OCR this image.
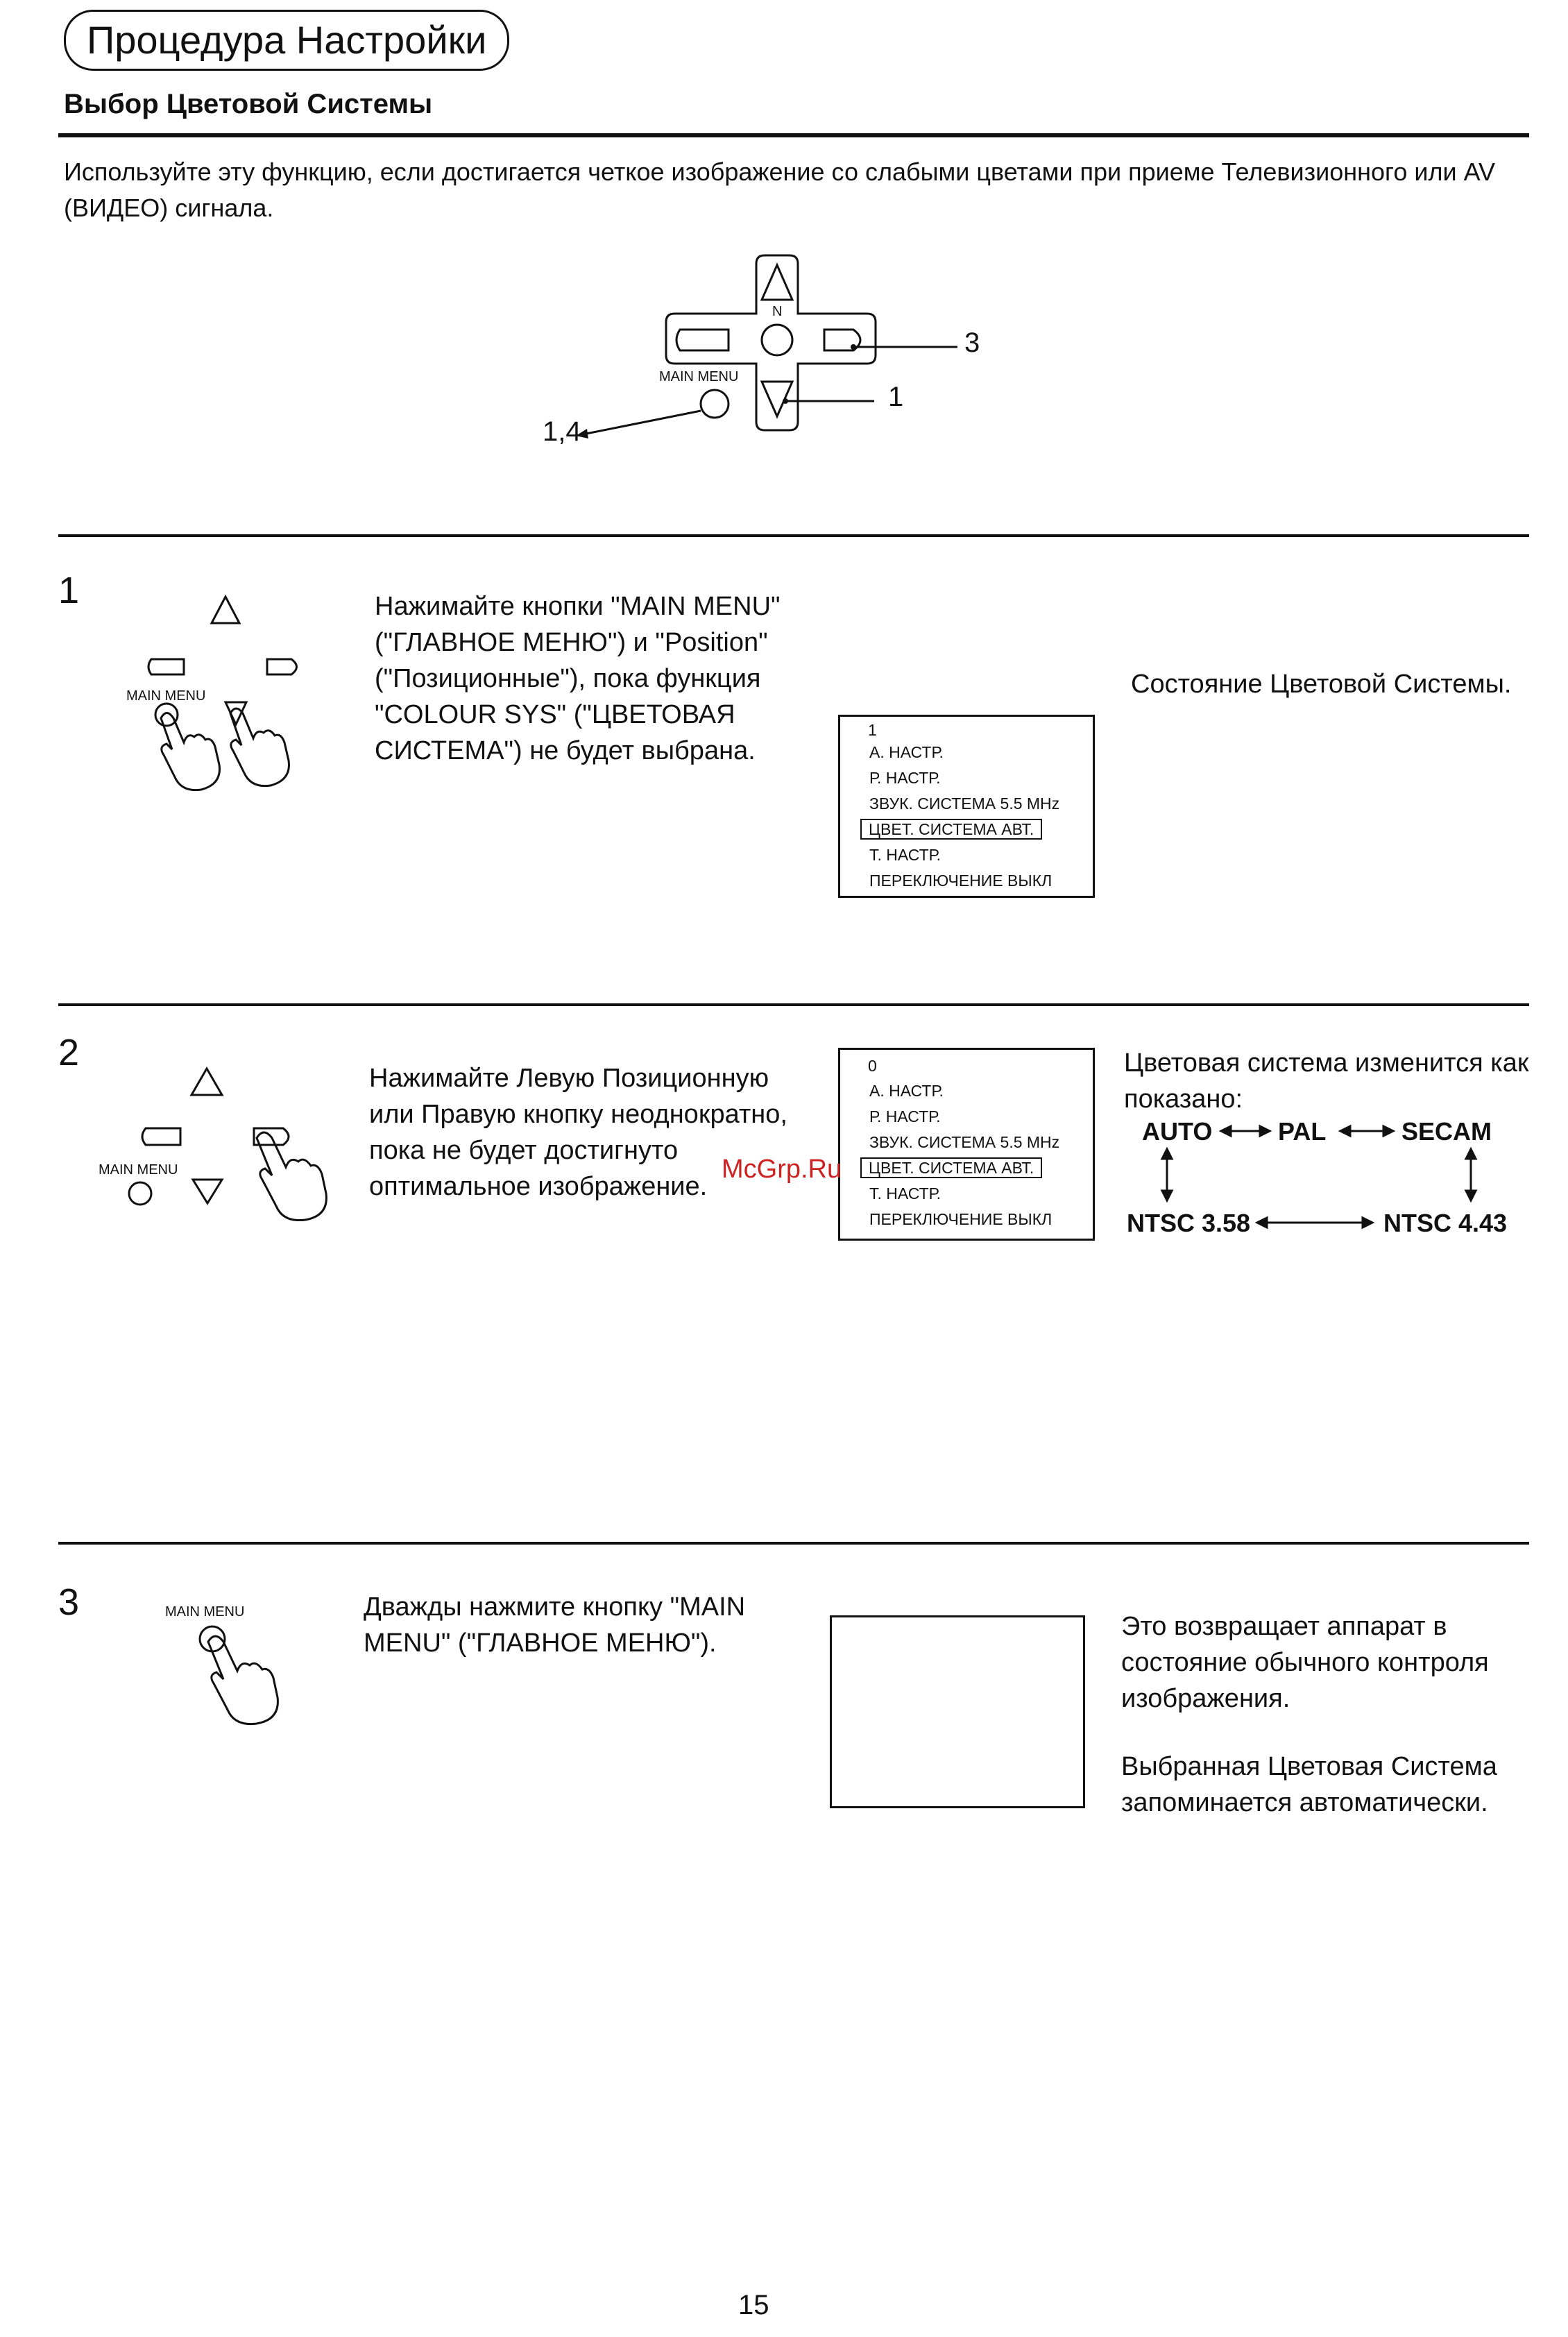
Процедура Настройки
Выбор Цветовой Системы
Используйте эту функцию, если достигается четкое изображение со слабыми цветами при приеме Телевизионного или AV (ВИДЕО) сигнала.
N
MAIN MENU
3
1
1,4
1
MAIN MENU
Нажимайте кнопки "MAIN MENU" ("ГЛАВНОЕ МЕНЮ") и "Position" ("Позиционные"), пока функция "COLOUR SYS" ("ЦВЕТОВАЯ СИСТЕМА") не будет выбрана.
1
А. НАСТР.
Р. НАСТР.
ЗВУК. СИСТЕМА 5.5 MHz
ЦВЕТ. СИСТЕМА АВТ.
Т. НАСТР.
ПЕРЕКЛЮЧЕНИЕ ВЫКЛ
Состояние Цветовой Системы.
2
MAIN MENU
Нажимайте Левую Позиционную или Правую кнопку неоднократно, пока не будет достигнуто оптимальное изображение.
0
А. НАСТР.
Р. НАСТР.
ЗВУК. СИСТЕМА 5.5 MHz
ЦВЕТ. СИСТЕМА АВТ.
Т. НАСТР.
ПЕРЕКЛЮЧЕНИЕ ВЫКЛ
McGrp.Ru
Цветовая система изменится как показано:
AUTO	PAL	SECAM
NTSC 3.58	NTSC 4.43
3	MAIN MENU	Дважды нажмите кнопку "MAIN MENU" ("ГЛАВНОЕ МЕНЮ").
Это возвращает аппарат в состояние обычного контроля изображения.
Выбранная Цветовая Система запоминается автоматически.
15
